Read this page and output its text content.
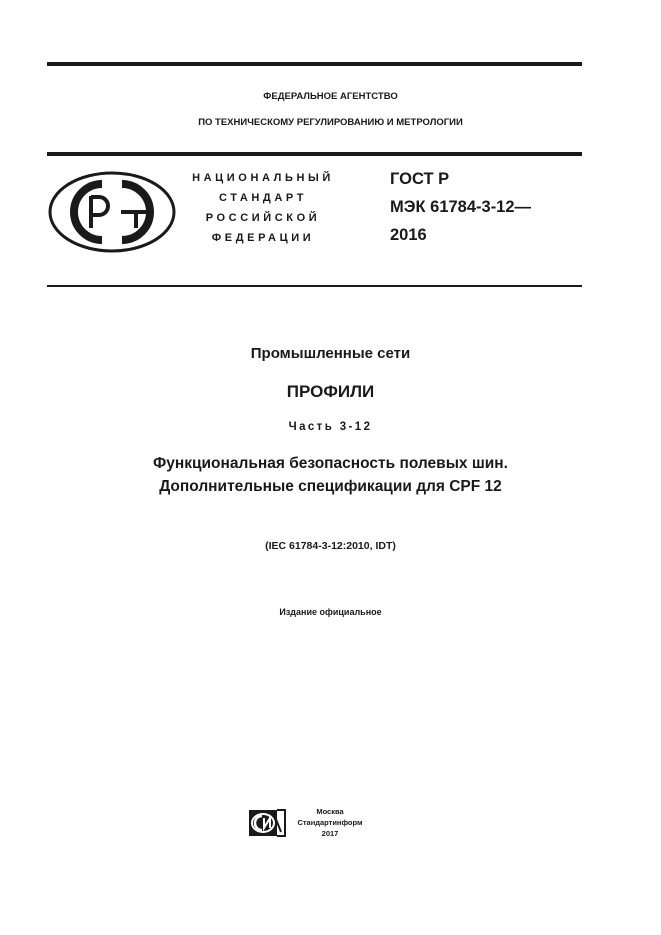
ФЕДЕРАЛЬНОЕ АГЕНТСТВО
ПО ТЕХНИЧЕСКОМУ РЕГУЛИРОВАНИЮ И МЕТРОЛОГИИ
РСТ
НАЦИОНАЛЬНЫЙ
СТАНДАРТ
РОССИЙСКОЙ
ФЕДЕРАЦИИ
ГОСТ Р
МЭК 61784-3-12—
2016
Промышленные сети
ПРОФИЛИ
Часть 3-12
Функциональная безопасность полевых шин.
Дополнительные спецификации для CPF 12
(IEC 61784-3-12:2010, IDT)
Издание официальное
Москва
Стандартинформ
2017
